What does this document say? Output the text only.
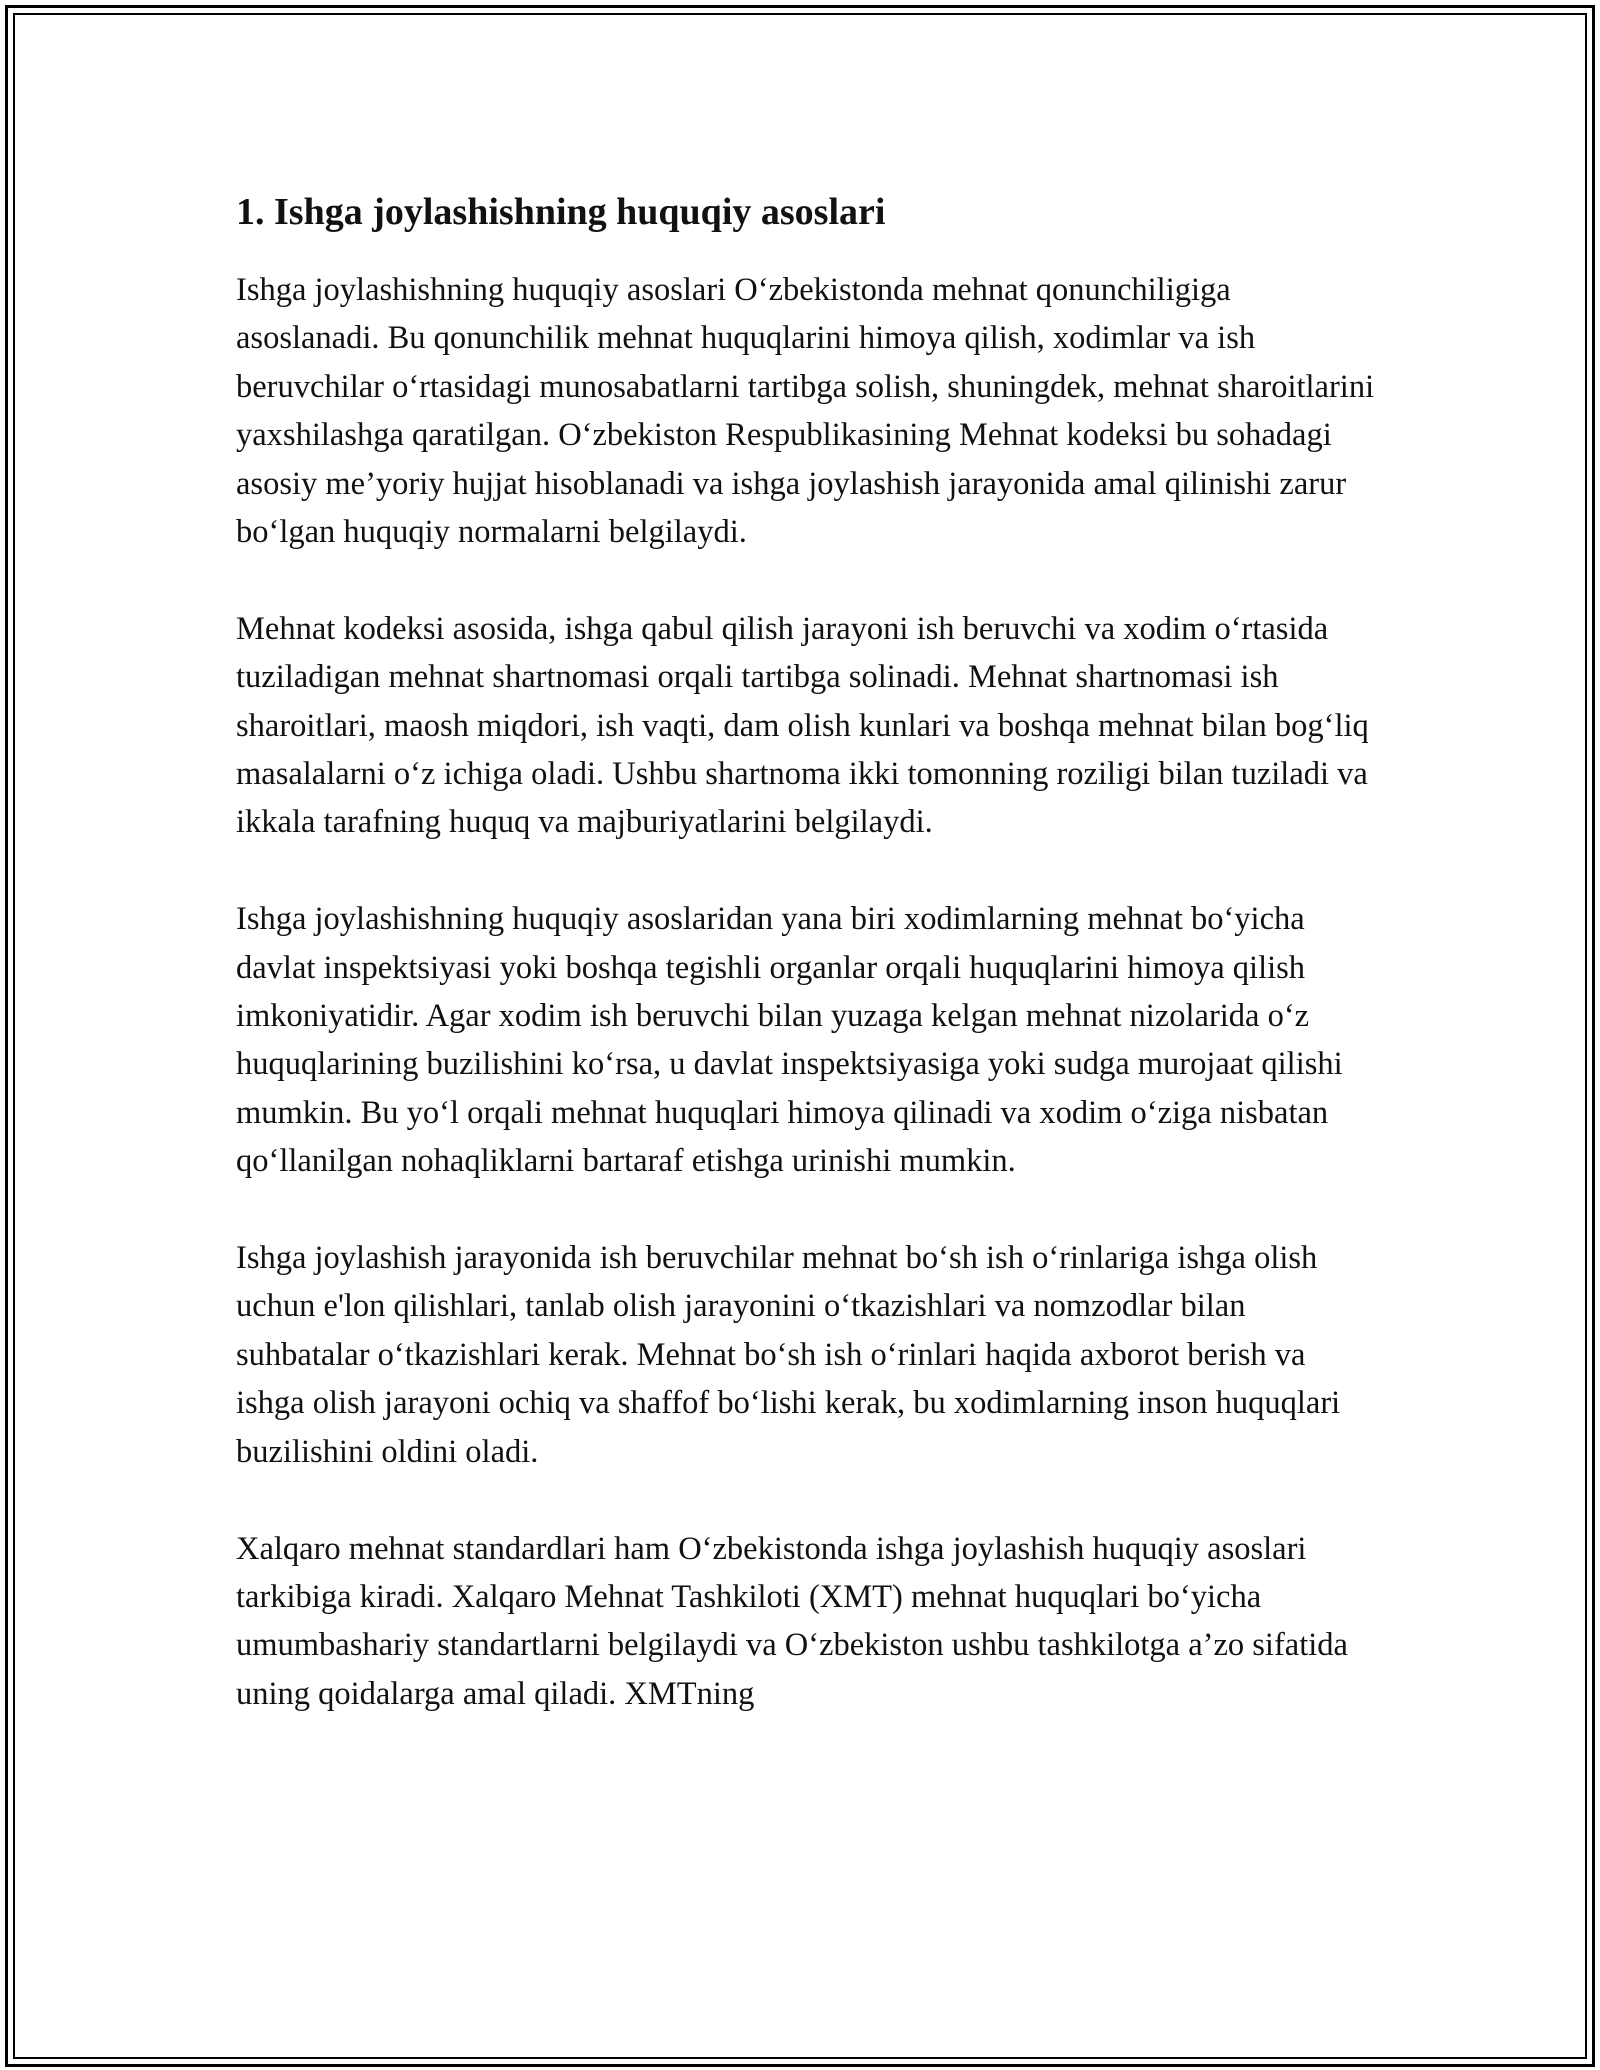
1. Ishga joylashishning huquqiy asoslari

Ishga joylashishning huquqiy asoslari O‘zbekistonda mehnat qonunchiligiga asoslanadi. Bu qonunchilik mehnat huquqlarini himoya qilish, xodimlar va ish beruvchilar o‘rtasidagi munosabatlarni tartibga solish, shuningdek, mehnat sharoitlarini yaxshilashga qaratilgan. O‘zbekiston Respublikasining Mehnat kodeksi bu sohadagi asosiy me’yoriy hujjat hisoblanadi va ishga joylashish jarayonida amal qilinishi zarur bo‘lgan huquqiy normalarni belgilaydi.

Mehnat kodeksi asosida, ishga qabul qilish jarayoni ish beruvchi va xodim o‘rtasida tuziladigan mehnat shartnomasi orqali tartibga solinadi. Mehnat shartnomasi ish sharoitlari, maosh miqdori, ish vaqti, dam olish kunlari va boshqa mehnat bilan bog‘liq masalalarni o‘z ichiga oladi. Ushbu shartnoma ikki tomonning roziligi bilan tuziladi va ikkala tarafning huquq va majburiyatlarini belgilaydi.

Ishga joylashishning huquqiy asoslaridan yana biri xodimlarning mehnat bo‘yicha davlat inspektsiyasi yoki boshqa tegishli organlar orqali huquqlarini himoya qilish imkoniyatidir. Agar xodim ish beruvchi bilan yuzaga kelgan mehnat nizolarida o‘z huquqlarining buzilishini ko‘rsa, u davlat inspektsiyasiga yoki sudga murojaat qilishi mumkin. Bu yo‘l orqali mehnat huquqlari himoya qilinadi va xodim o‘ziga nisbatan qo‘llanilgan nohaqliklarni bartaraf etishga urinishi mumkin.

Ishga joylashish jarayonida ish beruvchilar mehnat bo‘sh ish o‘rinlariga ishga olish uchun e'lon qilishlari, tanlab olish jarayonini o‘tkazishlari va nomzodlar bilan suhbatalar o‘tkazishlari kerak. Mehnat bo‘sh ish o‘rinlari haqida axborot berish va ishga olish jarayoni ochiq va shaffof bo‘lishi kerak, bu xodimlarning inson huquqlari buzilishini oldini oladi.

Xalqaro mehnat standardlari ham O‘zbekistonda ishga joylashish huquqiy asoslari tarkibiga kiradi. Xalqaro Mehnat Tashkiloti (XMT) mehnat huquqlari bo‘yicha umumbashariy standartlarni belgilaydi va O‘zbekiston ushbu tashkilotga a’zo sifatida uning qoidalarga amal qiladi. XMTning
